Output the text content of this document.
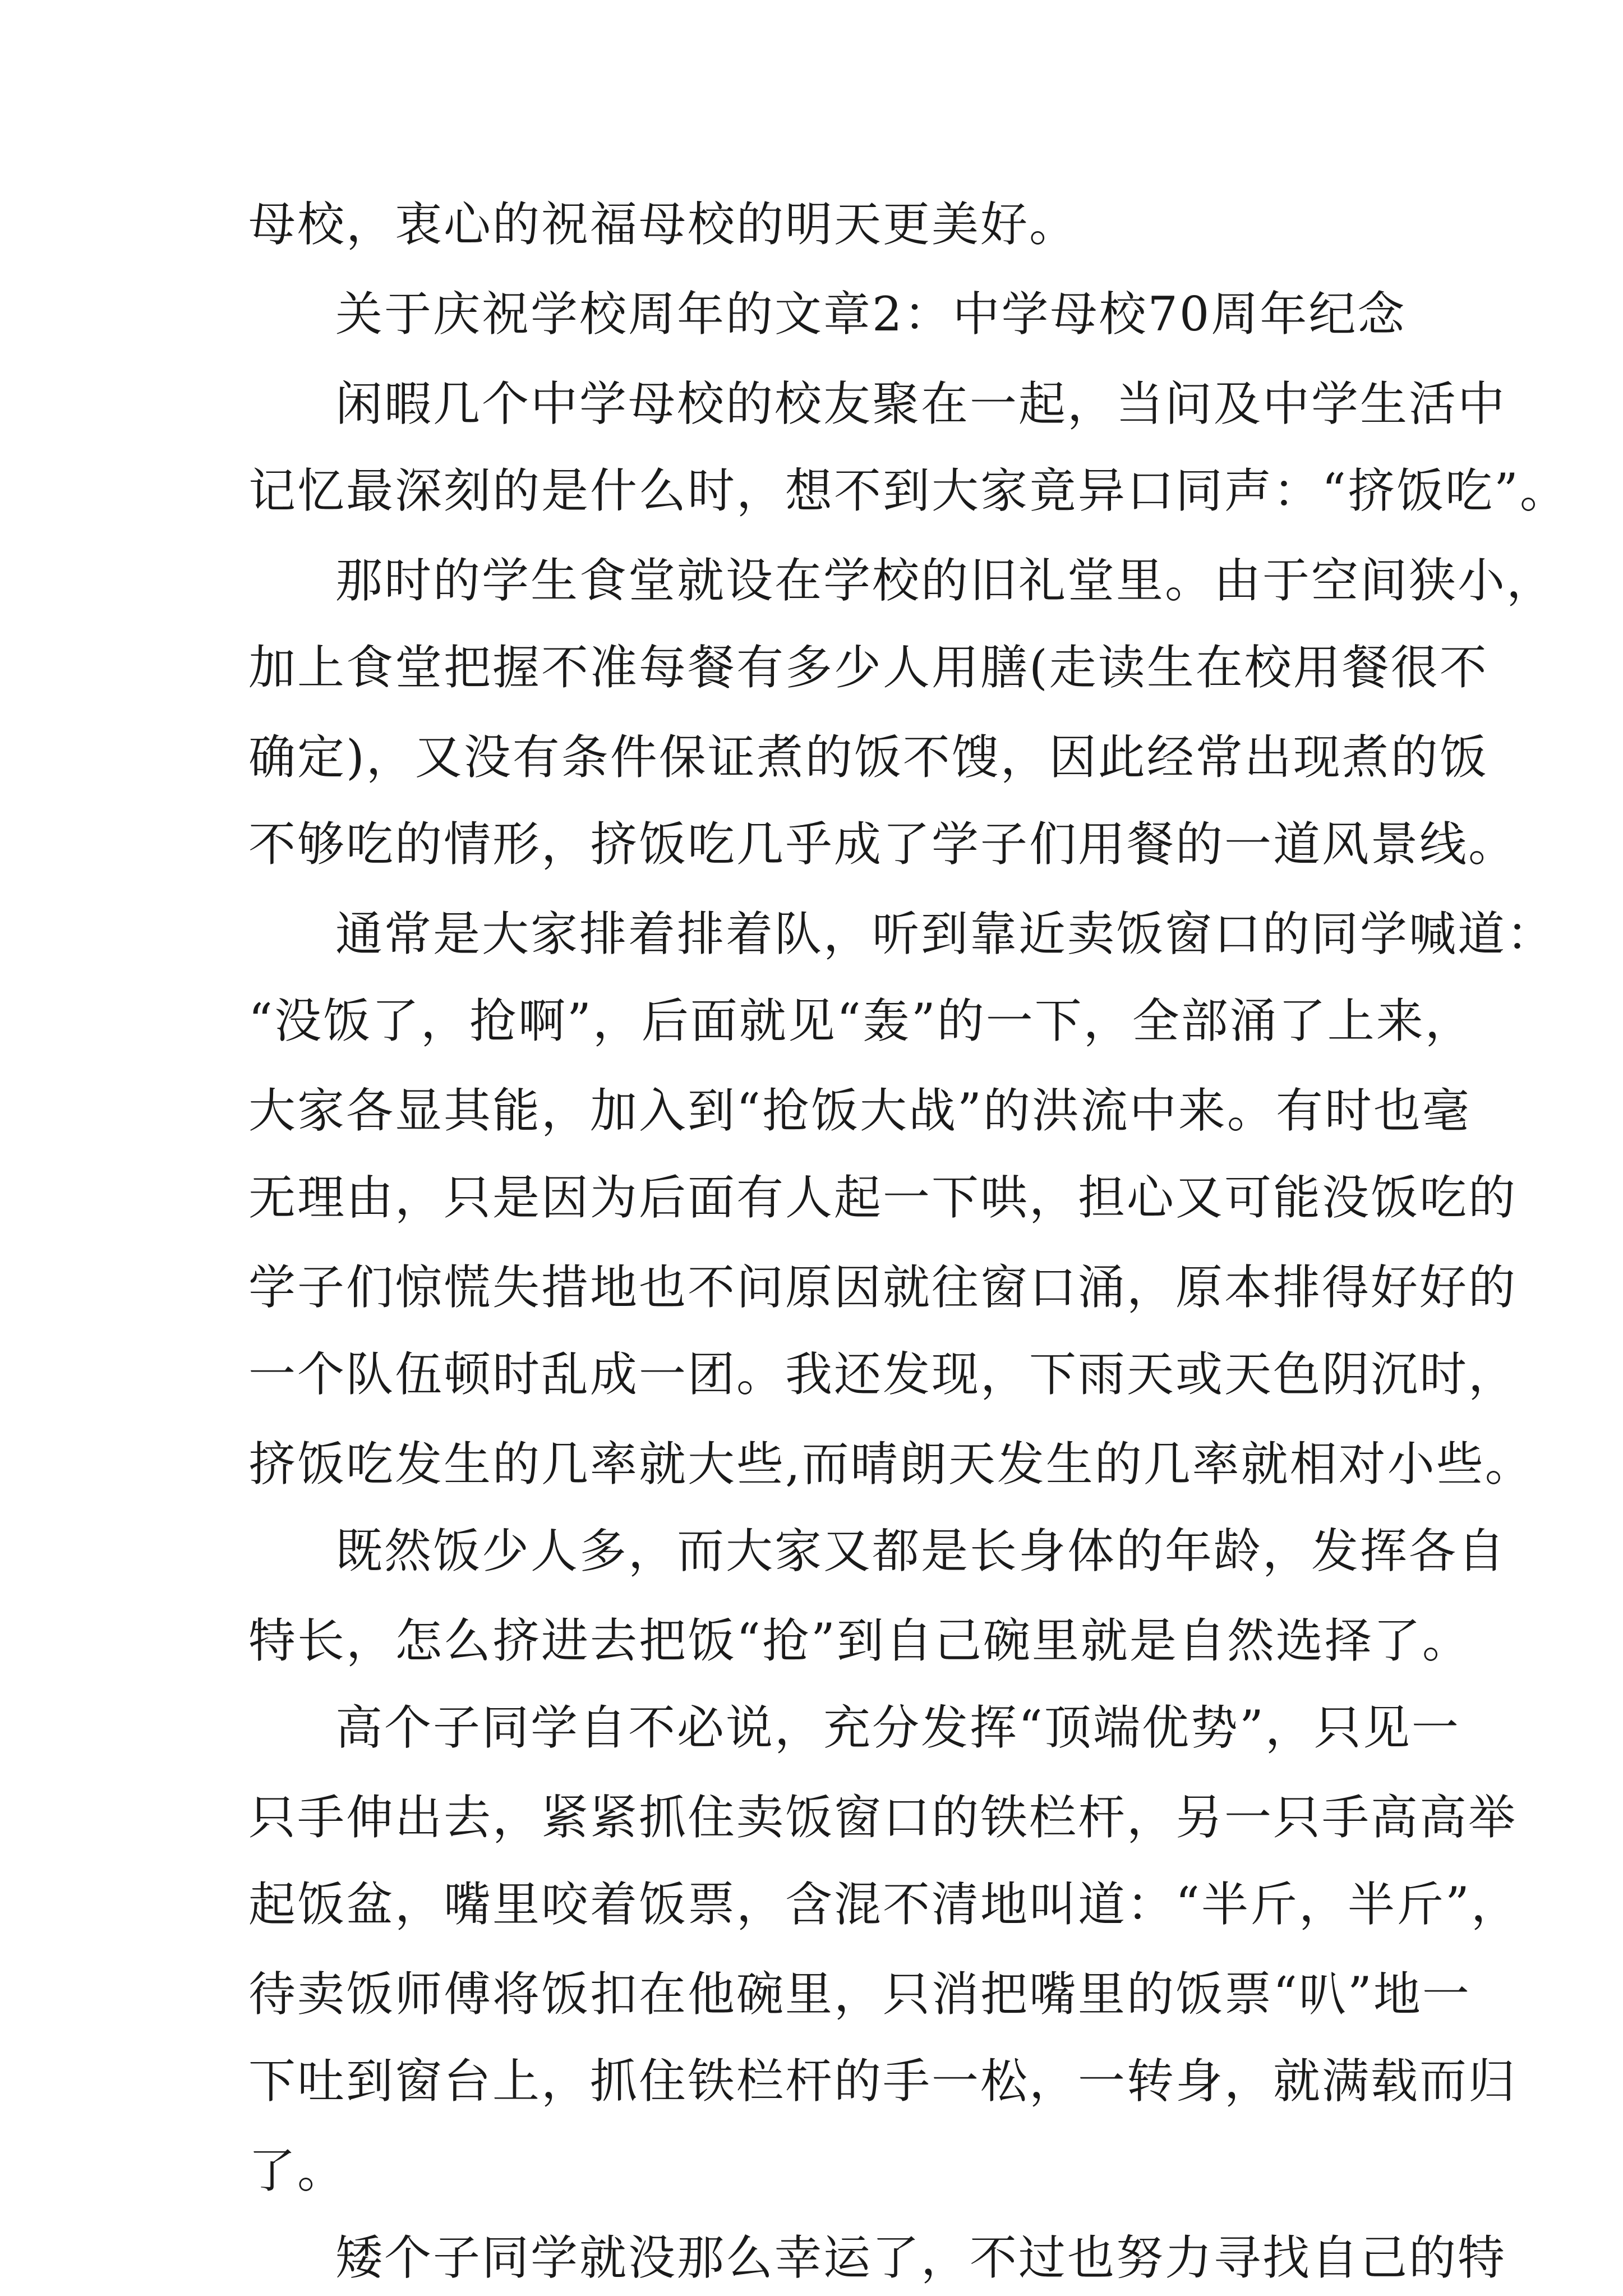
母校，衷心的祝福母校的明天更美好。
关于庆祝学校周年的文章2：中学母校70周年纪念
闲暇几个中学母校的校友聚在一起，当问及中学生活中
记忆最深刻的是什么时，想不到大家竟异口同声：“挤饭吃”。
那时的学生食堂就设在学校的旧礼堂里。由于空间狭小，
加上食堂把握不准每餐有多少人用膳(走读生在校用餐很不
确定)，又没有条件保证煮的饭不馊，因此经常出现煮的饭
不够吃的情形，挤饭吃几乎成了学子们用餐的一道风景线。
通常是大家排着排着队，听到靠近卖饭窗口的同学喊道：
“没饭了，抢啊”，后面就见“轰”的一下，全部涌了上来，
大家各显其能，加入到“抢饭大战”的洪流中来。有时也毫
无理由，只是因为后面有人起一下哄，担心又可能没饭吃的
学子们惊慌失措地也不问原因就往窗口涌，原本排得好好的
一个队伍顿时乱成一团。我还发现，下雨天或天色阴沉时，
挤饭吃发生的几率就大些,而晴朗天发生的几率就相对小些。
既然饭少人多，而大家又都是长身体的年龄，发挥各自
特长，怎么挤进去把饭“抢”到自己碗里就是自然选择了。
高个子同学自不必说，充分发挥“顶端优势”，只见一
只手伸出去，紧紧抓住卖饭窗口的铁栏杆，另一只手高高举
起饭盆，嘴里咬着饭票，含混不清地叫道：“半斤，半斤”，
待卖饭师傅将饭扣在他碗里，只消把嘴里的饭票“叭”地一
下吐到窗台上，抓住铁栏杆的手一松，一转身，就满载而归
了。
矮个子同学就没那么幸运了，不过也努力寻找自己的特
